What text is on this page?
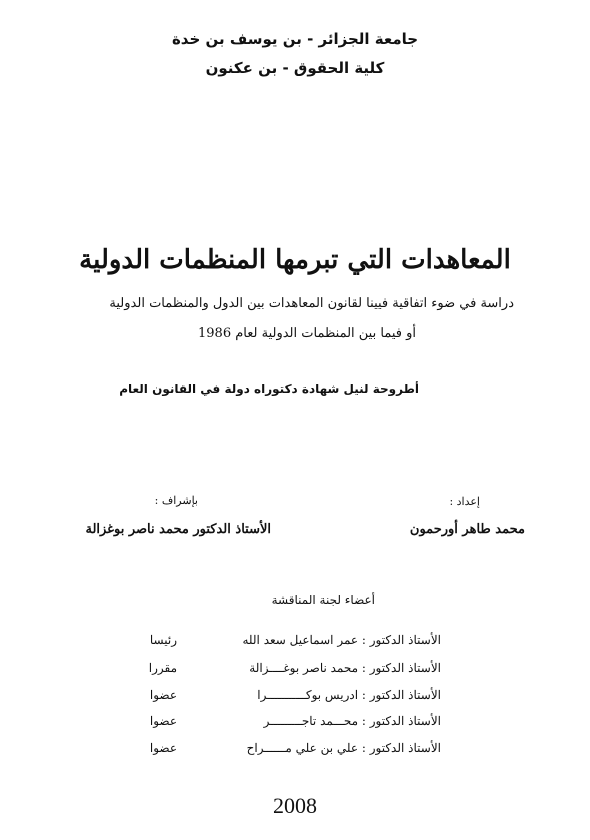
جامعة الجزائر - بن يوسف بن خدة
كلية الحقوق - بن عكنون
المعاهدات التي تبرمها المنظمات الدولية
دراسة في ضوء اتفاقية فيينا لقانون المعاهدات بين الدول والمنظمات الدولية
أو فيما بين المنظمات الدولية لعام 1986
أطروحة لنيل شهادة دكتوراه دولة في القانون العام
إعداد :
محمد طاهر أورحمون
بإشراف :
الأستاذ الدكتور محمد ناصر بوغزالة
أعضاء لجنة المناقشة
الأستاذ الدكتور : عمر اسماعيل سعد الله
رئيسا
الأستاذ الدكتور : محمد ناصر بوغــــزالة
مقررا
الأستاذ الدكتور : ادريس بوكـــــــــــرا
عضوا
الأستاذ الدكتور : محـــمد تاجـــــــــر
عضوا
الأستاذ الدكتور : علي بن علي مــــــراح
عضوا
2008
